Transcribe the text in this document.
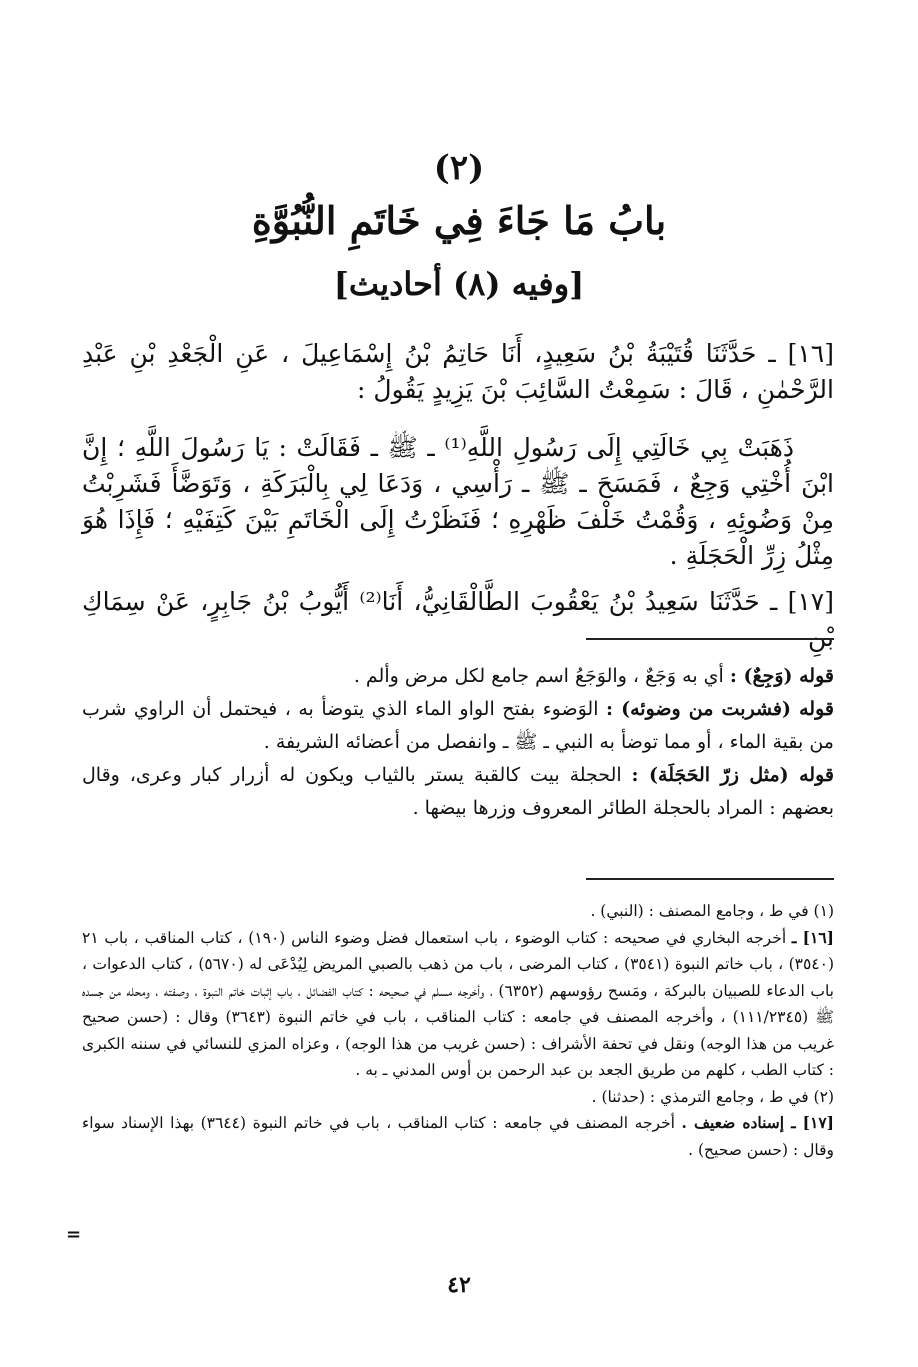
(٢)
بابُ مَا جَاءَ فِي خَاتَمِ النُّبُوَّةِ
[وفيه (٨) أحاديث]

[١٦] ـ حَدَّثَنَا قُتَيْبَةُ بْنُ سَعِيدٍ، أَنَا حَاتِمُ بْنُ إِسْمَاعِيلَ ، عَنِ الْجَعْدِ بْنِ عَبْدِ الرَّحْمٰنِ ، قَالَ : سَمِعْتُ السَّائِبَ بْنَ يَزِيدٍ يَقُولُ :

ذَهَبَتْ بِي خَالَتِي إِلَى رَسُولِ اللَّهِ⁽¹⁾ ـ ﷺ ـ فَقَالَتْ : يَا رَسُولَ اللَّهِ ؛ إِنَّ ابْنَ أُخْتِي وَجِعٌ ، فَمَسَحَ ـ ﷺ ـ رَأْسِي ، وَدَعَا لِي بِالْبَرَكَةِ ، وَتَوَضَّأَ فَشَرِبْتُ مِنْ وَضُوئِهِ ، وَقُمْتُ خَلْفَ ظَهْرِهِ ؛ فَنَظَرْتُ إِلَى الْخَاتَمِ بَيْنَ كَتِفَيْهِ ؛ فَإِذَا هُوَ مِثْلُ زِرِّ الْحَجَلَةِ .

[١٧] ـ حَدَّثَنَا سَعِيدُ بْنُ يَعْقُوبَ الطَّالْقَانِيُّ، أَنَا⁽²⁾ أَيُّوبُ بْنُ جَابِرٍ، عَنْ سِمَاكِ بْنِ

قوله (وَجِعٌ) : أي به وَجَعٌ ، والوَجَعُ اسم جامع لكل مرض وألم .

قوله (فشربت من وضوئه) : الوَضوء بفتح الواو الماء الذي يتوضأ به ، فيحتمل أن الراوي شرب من بقية الماء ، أو مما توضأ به النبي ـ ﷺ ـ وانفصل من أعضائه الشريفة .

قوله (مثل زرّ الحَجَلَة) : الحجلة بيت كالقبة يستر بالثياب ويكون له أزرار كبار وعرى، وقال بعضهم : المراد بالحجلة الطائر المعروف وزرها بيضها .

(١) في ط ، وجامع المصنف : (النبي) .

[١٦] ـ أخرجه البخاري في صحيحه : كتاب الوضوء ، باب استعمال فضل وضوء الناس (١٩٠) ، كتاب المناقب ، باب ٢١ (٣٥٤٠) ، باب خاتم النبوة (٣٥٤١) ، كتاب المرضى ، باب من ذهب بالصبي المريض لِيُدْعَى له (٥٦٧٠) ، كتاب الدعوات ، باب الدعاء للصبيان بالبركة ، ومَسح رؤوسهم (٦٣٥٢) ، وأخرجه مسلم في صحيحه : كتاب الفضائل ، باب إثبات خاتم النبوة ، وصفته ، ومحله من جسده ﷺ (١١١/٢٣٤٥) ، وأخرجه المصنف في جامعه : كتاب المناقب ، باب في خاتم النبوة (٣٦٤٣) وقال : (حسن صحيح غريب من هذا الوجه) ونقل في تحفة الأشراف : (حسن غريب من هذا الوجه) ، وعزاه المزي للنسائي في سننه الكبرى : كتاب الطب ، كلهم من طريق الجعد بن عبد الرحمن بن أوس المدني ـ به .

(٢) في ط ، وجامع الترمذي : (حدثنا) .

[١٧] ـ إسناده ضعيف . أخرجه المصنف في جامعه : كتاب المناقب ، باب في خاتم النبوة (٣٦٤٤) بهذا الإسناد سواء وقال : (حسن صحيح) .

=
٤٢
